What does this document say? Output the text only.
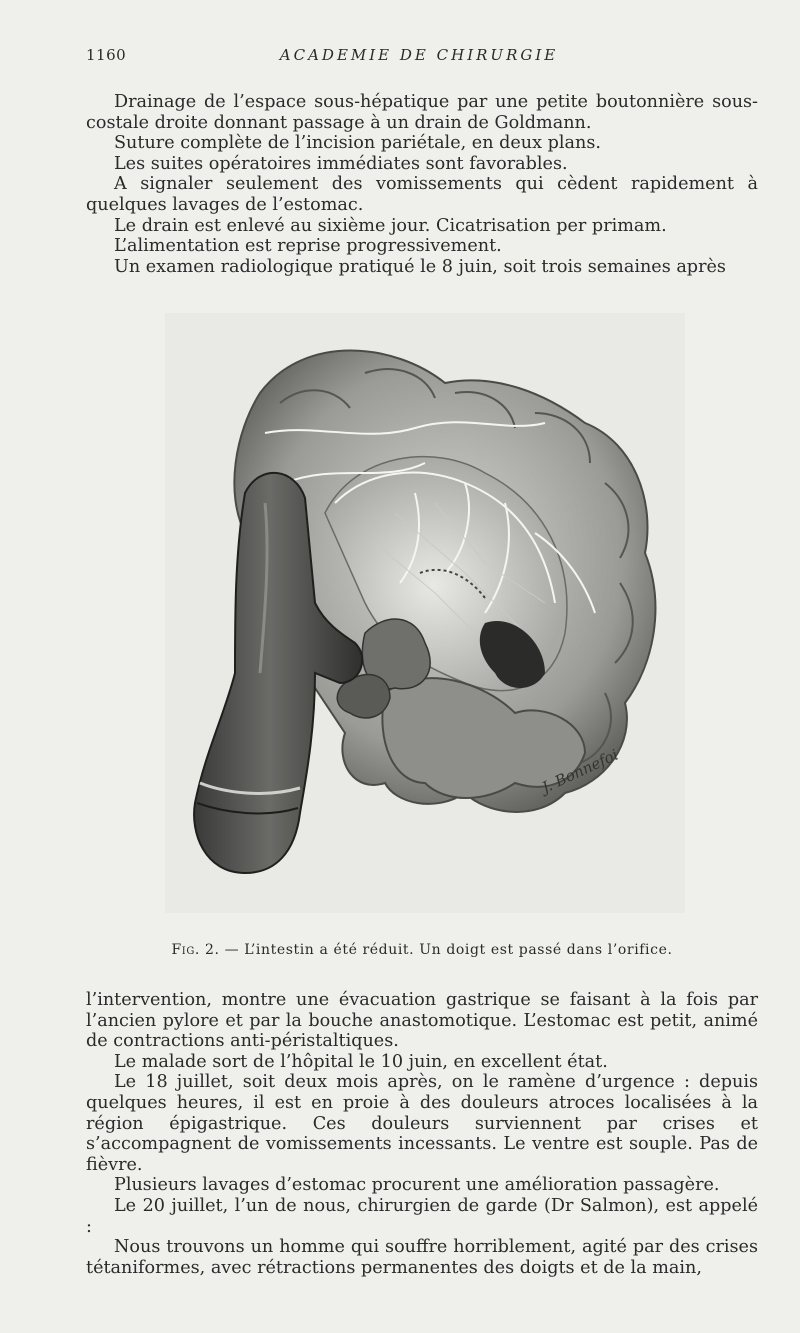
1160	ACADEMIE DE CHIRURGIE

Drainage de l’espace sous-hépatique par une petite boutonnière sous-costale droite donnant passage à un drain de Goldmann.

Suture complète de l’incision pariétale, en deux plans.

Les suites opératoires immédiates sont favorables.

A signaler seulement des vomissements qui cèdent rapidement à quelques lavages de l’estomac.

Le drain est enlevé au sixième jour. Cicatrisation per primam.

L’alimentation est reprise progressivement.

Un examen radiologique pratiqué le 8 juin, soit trois semaines après

J. Bonnefoi
Fig. 2. — L’intestin a été réduit. Un doigt est passé dans l’orifice.

l’intervention, montre une évacuation gastrique se faisant à la fois par l’ancien pylore et par la bouche anastomotique. L’estomac est petit, animé de contractions anti-péristaltiques.

Le malade sort de l’hôpital le 10 juin, en excellent état.

Le 18 juillet, soit deux mois après, on le ramène d’urgence : depuis quelques heures, il est en proie à des douleurs atroces localisées à la région épigastrique. Ces douleurs surviennent par crises et s’accompagnent de vomissements incessants. Le ventre est souple. Pas de fièvre.

Plusieurs lavages d’estomac procurent une amélioration passagère.

Le 20 juillet, l’un de nous, chirurgien de garde (Dr Salmon), est appelé :

Nous trouvons un homme qui souffre horriblement, agité par des crises tétaniformes, avec rétractions permanentes des doigts et de la main,
